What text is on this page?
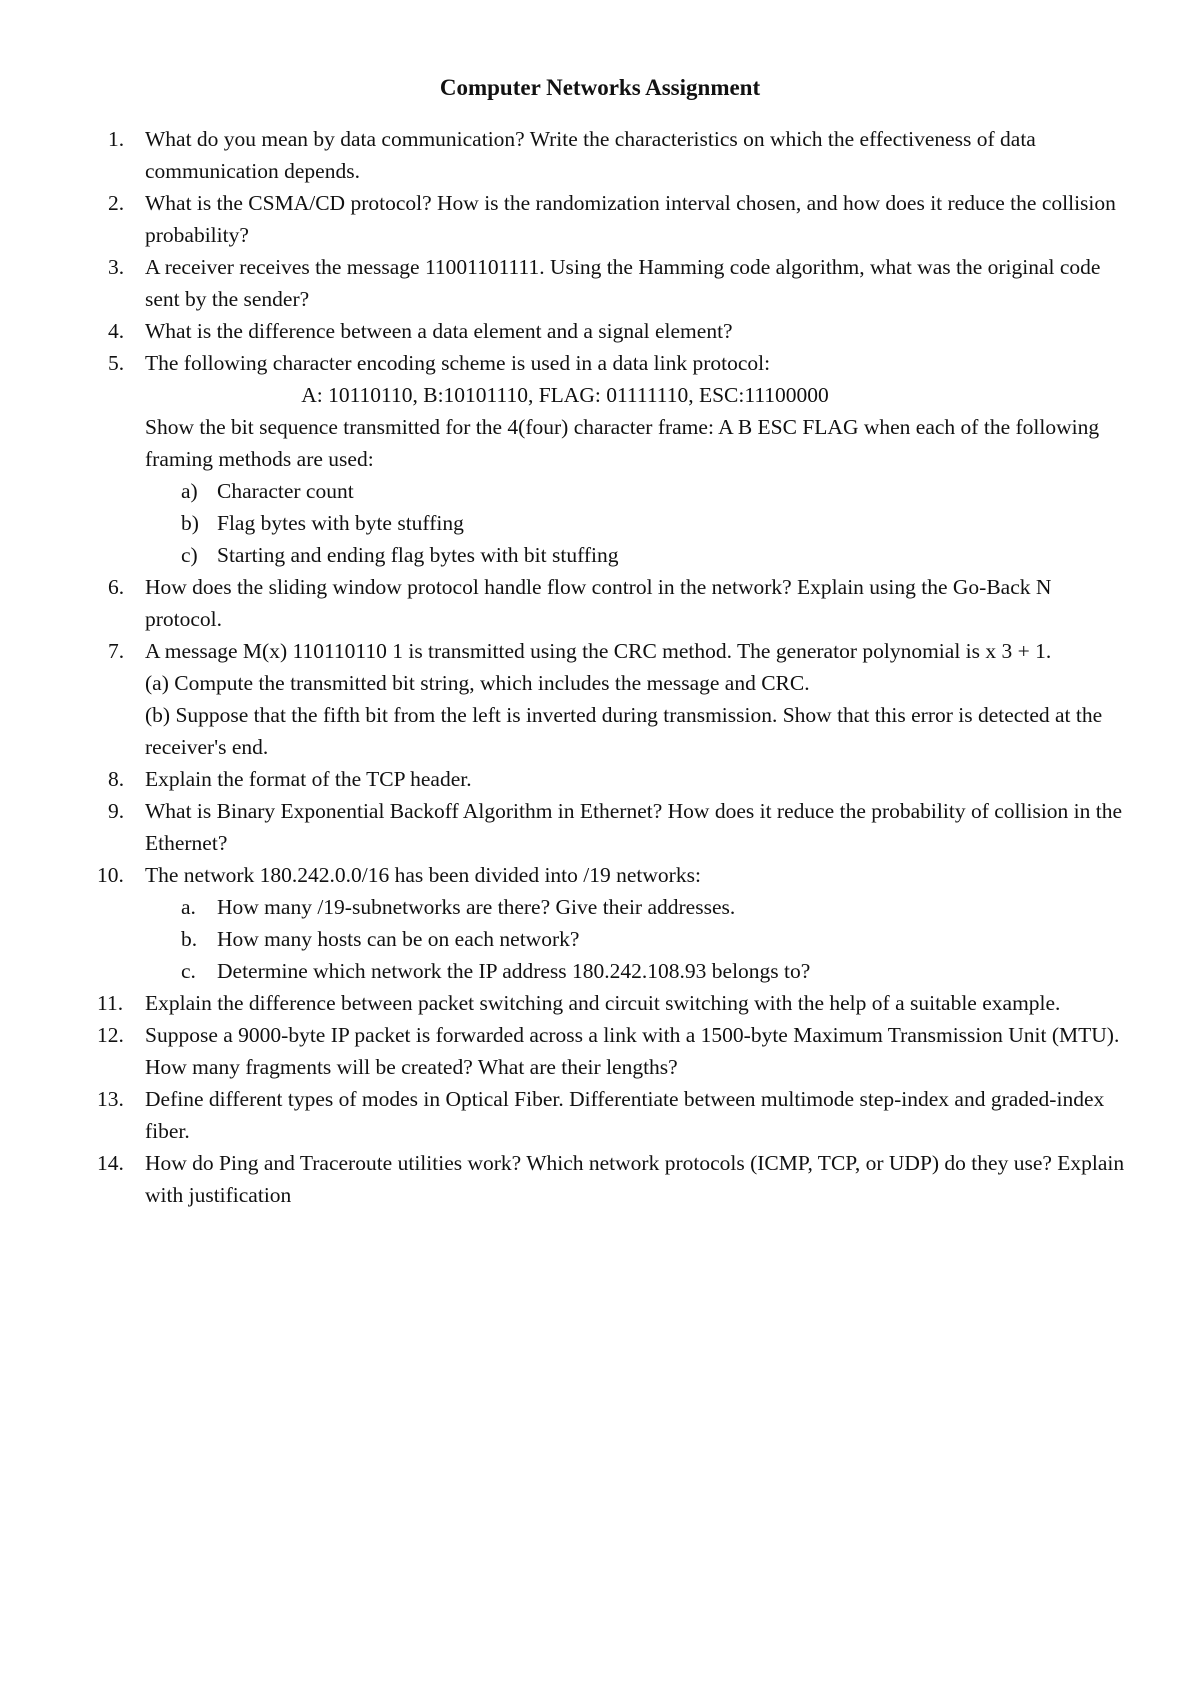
Computer Networks Assignment
1. What do you mean by data communication? Write the characteristics on which the effectiveness of data communication depends.
2. What is the CSMA/CD protocol? How is the randomization interval chosen, and how does it reduce the collision probability?
3. A receiver receives the message 11001101111. Using the Hamming code algorithm, what was the original code sent by the sender?
4. What is the difference between a data element and a signal element?
5. The following character encoding scheme is used in a data link protocol:
A: 10110110, B:10101110, FLAG: 01111110, ESC:11100000
Show the bit sequence transmitted for the 4(four) character frame: A B ESC FLAG when each of the following framing methods are used:
a) Character count
b) Flag bytes with byte stuffing
c) Starting and ending flag bytes with bit stuffing
6. How does the sliding window protocol handle flow control in the network? Explain using the Go-Back N protocol.
7. A message M(x) 110110110 1 is transmitted using the CRC method. The generator polynomial is x 3 + 1.
(a) Compute the transmitted bit string, which includes the message and CRC.
(b) Suppose that the fifth bit from the left is inverted during transmission. Show that this error is detected at the receiver's end.
8. Explain the format of the TCP header.
9. What is Binary Exponential Backoff Algorithm in Ethernet? How does it reduce the probability of collision in the Ethernet?
10. The network 180.242.0.0/16 has been divided into /19 networks:
a. How many /19-subnetworks are there? Give their addresses.
b. How many hosts can be on each network?
c. Determine which network the IP address 180.242.108.93 belongs to?
11. Explain the difference between packet switching and circuit switching with the help of a suitable example.
12. Suppose a 9000-byte IP packet is forwarded across a link with a 1500-byte Maximum Transmission Unit (MTU). How many fragments will be created? What are their lengths?
13. Define different types of modes in Optical Fiber. Differentiate between multimode step-index and graded-index fiber.
14. How do Ping and Traceroute utilities work? Which network protocols (ICMP, TCP, or UDP) do they use? Explain with justification
